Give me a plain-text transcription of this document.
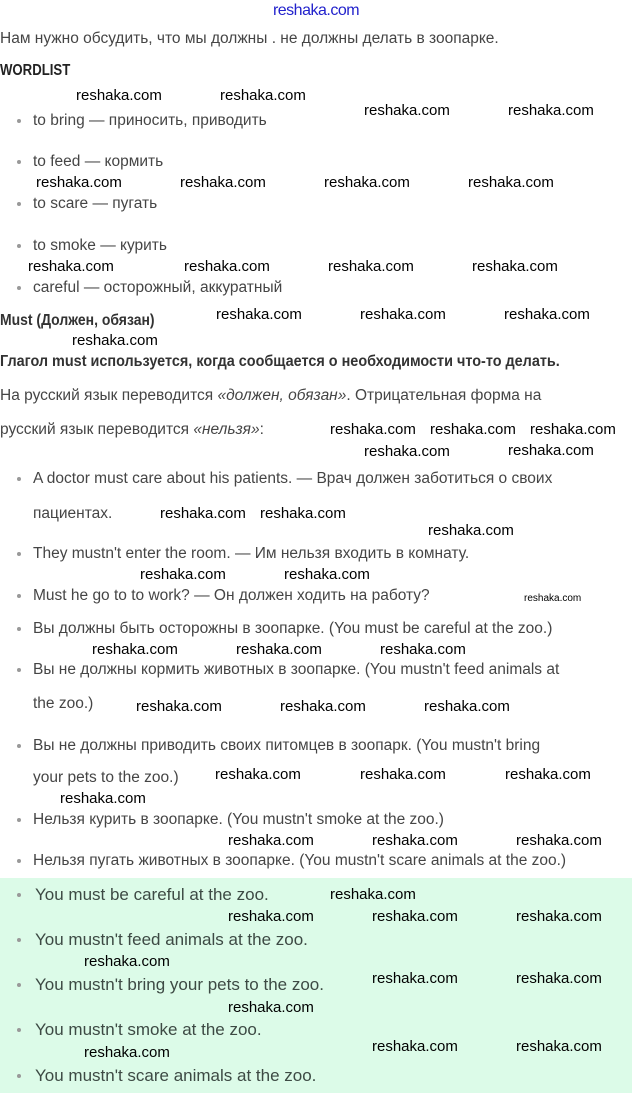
reshaka.com
Нам нужно обсудить, что мы должны . не должны делать в зоопарке.
WORDLIST
to bring — приносить, приводить
to feed — кормить
to scare — пугать
to smoke — курить
careful — осторожный, аккуратный
Must (Должен, обязан)
Глагол must используется, когда сообщается о необходимости что-то делать.
На русский язык переводится «должен, обязан». Отрицательная форма на
русский язык переводится «нельзя»:
A doctor must care about his patients. — Врач должен заботиться о своих
пациентах.
They mustn't enter the room. — Им нельзя входить в комнату.
Must he go to to work? — Он должен ходить на работу?
Вы должны быть осторожны в зоопарке. (You must be careful at the zoo.)
Вы не должны кормить животных в зоопарке. (You mustn't feed animals at
the zoo.)
Вы не должны приводить своих питомцев в зоопарк. (You mustn't bring
your pets to the zoo.)
Нельзя курить в зоопарке. (You mustn't smoke at the zoo.)
Нельзя пугать животных в зоопарке. (You mustn't scare animals at the zoo.)
You must be careful at the zoo.
You mustn't feed animals at the zoo.
You mustn't bring your pets to the zoo.
You mustn't smoke at the zoo.
You mustn't scare animals at the zoo.
reshaka.com	reshaka.com
reshaka.com	reshaka.com
reshaka.com	reshaka.com	reshaka.com
reshaka.com
reshaka.com	reshaka.com	reshaka.com
reshaka.com
reshaka.com	reshaka.com	reshaka.com
reshaka.com
reshaka.com reshaka.com reshaka.com
reshaka.com
reshaka.com
reshaka.com reshaka.com
reshaka.com
reshaka.com	reshaka.com
reshaka.com
reshaka.com	reshaka.com	reshaka.com
reshaka.com	reshaka.com	reshaka.com
reshaka.com	reshaka.com	reshaka.com
reshaka.com
reshaka.com	reshaka.com	reshaka.com
reshaka.com
reshaka.com	reshaka.com	reshaka.com
reshaka.com
reshaka.com	reshaka.com
reshaka.com
reshaka.com	reshaka.com	reshaka.com
